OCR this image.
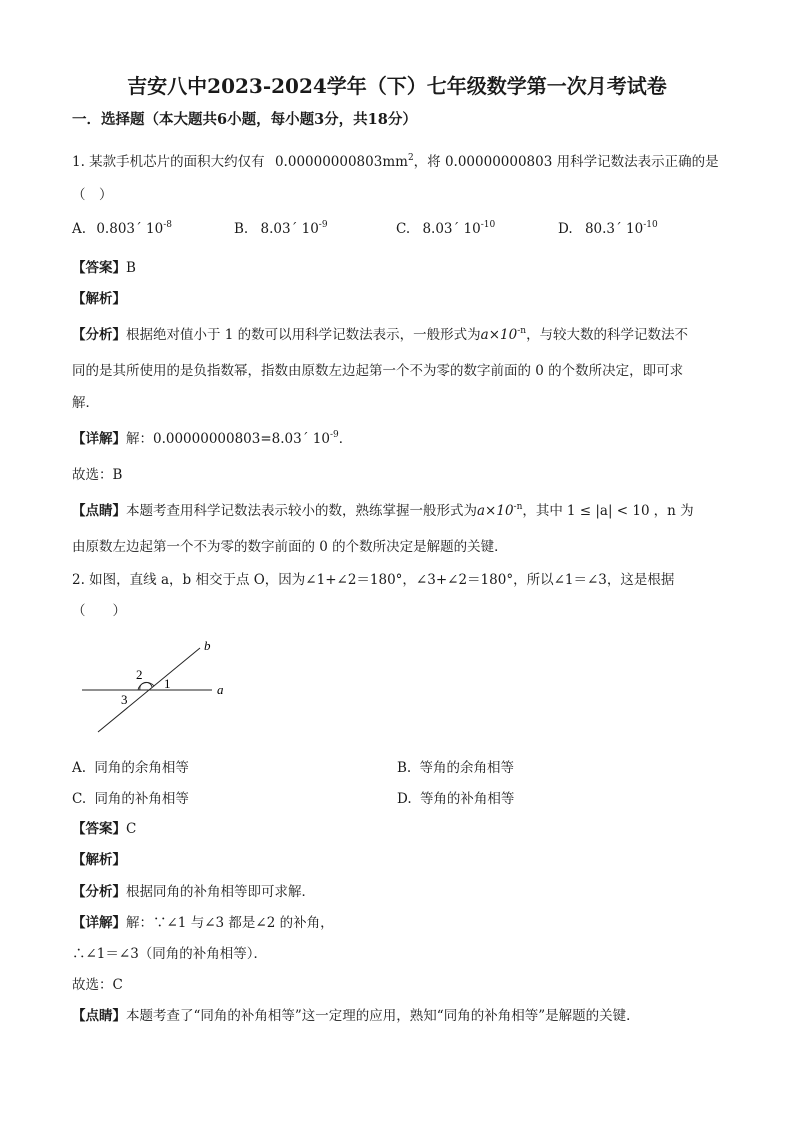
吉安八中2023-2024学年（下）七年级数学第一次月考试卷
一．选择题（本大题共6小题，每小题3分，共18分）
1. 某款手机芯片的面积大约仅有 $0.00000000803mm^2$，将 0.00000000803 用科学记数法表示正确的是
（　）
A. 0.803´ $10^{-8}$	B. 8.03´ $10^{-9}$	C. 8.03´ $10^{-10}$	D. 80.3´ $10^{-10}$
【答案】B
【解析】
【分析】根据绝对值小于 1 的数可以用科学记数法表示，一般形式为$a\times 10^{-n}$，与较大数的科学记数法不
同的是其所使用的是负指数幂，指数由原数左边起第一个不为零的数字前面的 0 的个数所决定，即可求
解．
【详解】解：0.00000000803=8.03´ $10^{-9}$．
故选：B
【点睛】本题考查用科学记数法表示较小的数，熟练掌握一般形式为$a\times 10^{-n}$，其中 1 ≤ |a| < 10 ，n 为
由原数左边起第一个不为零的数字前面的 0 的个数所决定是解题的关键．
2. 如图，直线 a，b 相交于点 O，因为∠1+∠2＝180°，∠3+∠2＝180°，所以∠1＝∠3，这是根据
（　　）
b
a
1
2
3
A. 同角的余角相等	B. 等角的余角相等
C. 同角的补角相等	D. 等角的补角相等
【答案】C
【解析】
【分析】根据同角的补角相等即可求解．
【详解】解：∵∠1 与∠3 都是∠2 的补角，
∴∠1＝∠3（同角的补角相等）．
故选：C
【点睛】本题考查了“同角的补角相等”这一定理的应用，熟知“同角的补角相等”是解题的关键．
